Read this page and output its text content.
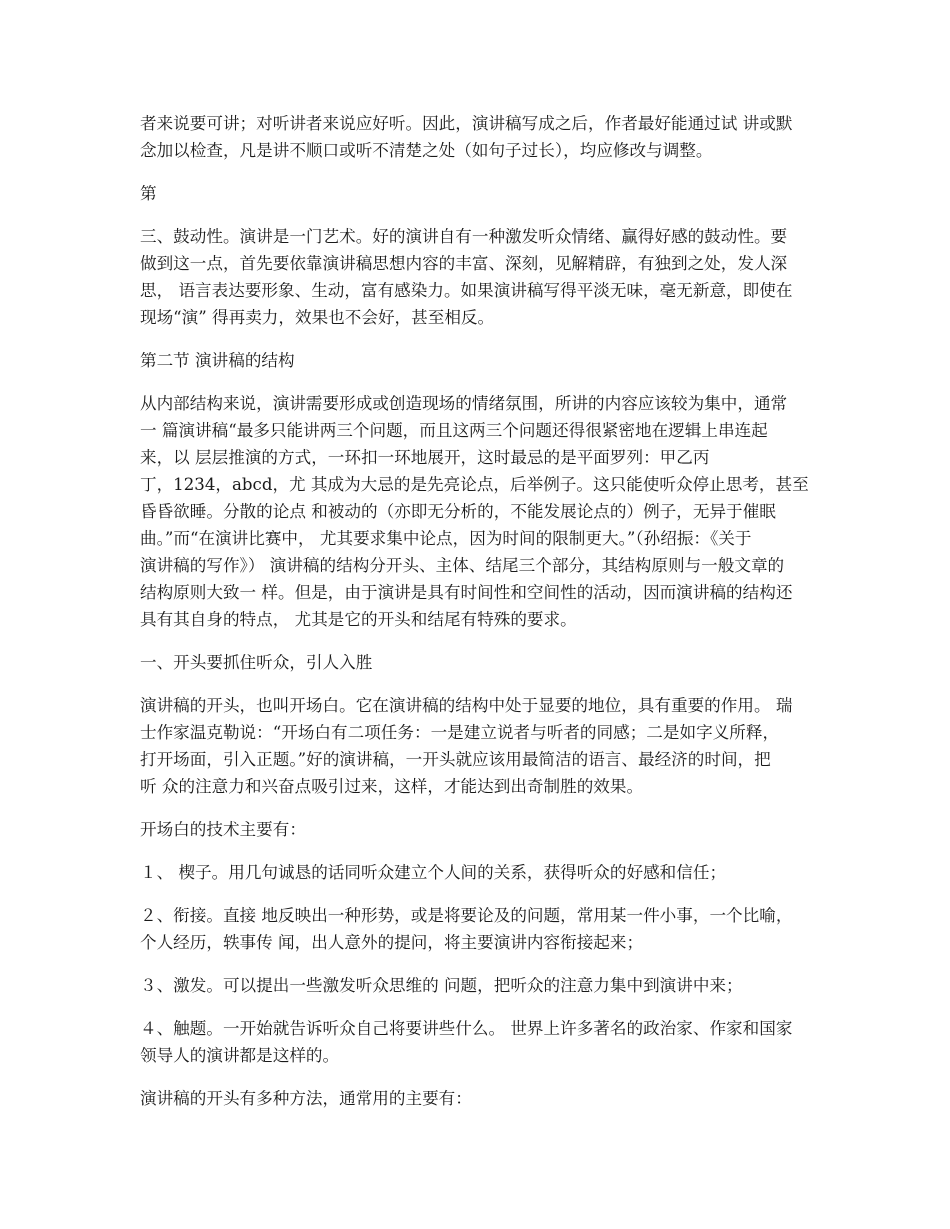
者来说要可讲；对听讲者来说应好听。因此，演讲稿写成之后，作者最好能通过试 讲或默
念加以检查，凡是讲不顺口或听不清楚之处（如句子过长），均应修改与调整。
第
三、鼓动性。演讲是一门艺术。好的演讲自有一种激发听众情绪、赢得好感的鼓动性。要
做到这一点，首先要依靠演讲稿思想内容的丰富、深刻，见解精辟，有独到之处，发人深
思， 语言表达要形象、生动，富有感染力。如果演讲稿写得平淡无味，毫无新意，即使在
现场“演” 得再卖力，效果也不会好，甚至相反。
第二节 演讲稿的结构
从内部结构来说，演讲需要形成或创造现场的情绪氛围，所讲的内容应该较为集中，通常
一 篇演讲稿“最多只能讲两三个问题，而且这两三个问题还得很紧密地在逻辑上串连起
来，以 层层推演的方式，一环扣一环地展开，这时最忌的是平面罗列：甲乙丙
丁，1234，abcd，尤 其成为大忌的是先亮论点，后举例子。这只能使听众停止思考，甚至
昏昏欲睡。分散的论点 和被动的（亦即无分析的，不能发展论点的）例子，无异于催眠
曲。”而“在演讲比赛中， 尤其要求集中论点，因为时间的限制更大。”（孙绍振：《关于
演讲稿的写作》） 演讲稿的结构分开头、主体、结尾三个部分，其结构原则与一般文章的
结构原则大致一 样。但是，由于演讲是具有时间性和空间性的活动，因而演讲稿的结构还
具有其自身的特点， 尤其是它的开头和结尾有特殊的要求。
一、开头要抓住听众，引人入胜
演讲稿的开头，也叫开场白。它在演讲稿的结构中处于显要的地位，具有重要的作用。 瑞
士作家温克勒说：“开场白有二项任务：一是建立说者与听者的同感；二是如字义所释，
打开场面，引入正题。”好的演讲稿，一开头就应该用最简洁的语言、最经济的时间，把
听 众的注意力和兴奋点吸引过来，这样，才能达到出奇制胜的效果。
开场白的技术主要有：
１、 楔子。用几句诚恳的话同听众建立个人间的关系，获得听众的好感和信任；
２、衔接。直接 地反映出一种形势，或是将要论及的问题，常用某一件小事，一个比喻，
个人经历，轶事传 闻，出人意外的提问，将主要演讲内容衔接起来；
３、激发。可以提出一些激发听众思维的 问题，把听众的注意力集中到演讲中来；
４、触题。一开始就告诉听众自己将要讲些什么。 世界上许多著名的政治家、作家和国家
领导人的演讲都是这样的。
演讲稿的开头有多种方法，通常用的主要有：
